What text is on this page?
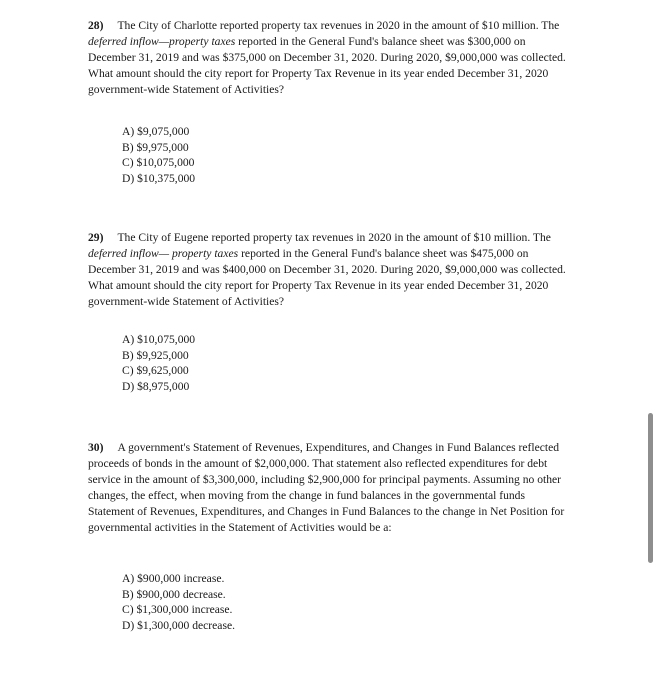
28) The City of Charlotte reported property tax revenues in 2020 in the amount of $10 million. The deferred inflow—property taxes reported in the General Fund's balance sheet was $300,000 on December 31, 2019 and was $375,000 on December 31, 2020. During 2020, $9,000,000 was collected. What amount should the city report for Property Tax Revenue in its year ended December 31, 2020 government-wide Statement of Activities?
A) $9,075,000
B) $9,975,000
C) $10,075,000
D) $10,375,000
29) The City of Eugene reported property tax revenues in 2020 in the amount of $10 million. The deferred inflow— property taxes reported in the General Fund's balance sheet was $475,000 on December 31, 2019 and was $400,000 on December 31, 2020. During 2020, $9,000,000 was collected. What amount should the city report for Property Tax Revenue in its year ended December 31, 2020 government-wide Statement of Activities?
A) $10,075,000
B) $9,925,000
C) $9,625,000
D) $8,975,000
30) A government's Statement of Revenues, Expenditures, and Changes in Fund Balances reflected proceeds of bonds in the amount of $2,000,000. That statement also reflected expenditures for debt service in the amount of $3,300,000, including $2,900,000 for principal payments. Assuming no other changes, the effect, when moving from the change in fund balances in the governmental funds Statement of Revenues, Expenditures, and Changes in Fund Balances to the change in Net Position for governmental activities in the Statement of Activities would be a:
A) $900,000 increase.
B) $900,000 decrease.
C) $1,300,000 increase.
D) $1,300,000 decrease.
